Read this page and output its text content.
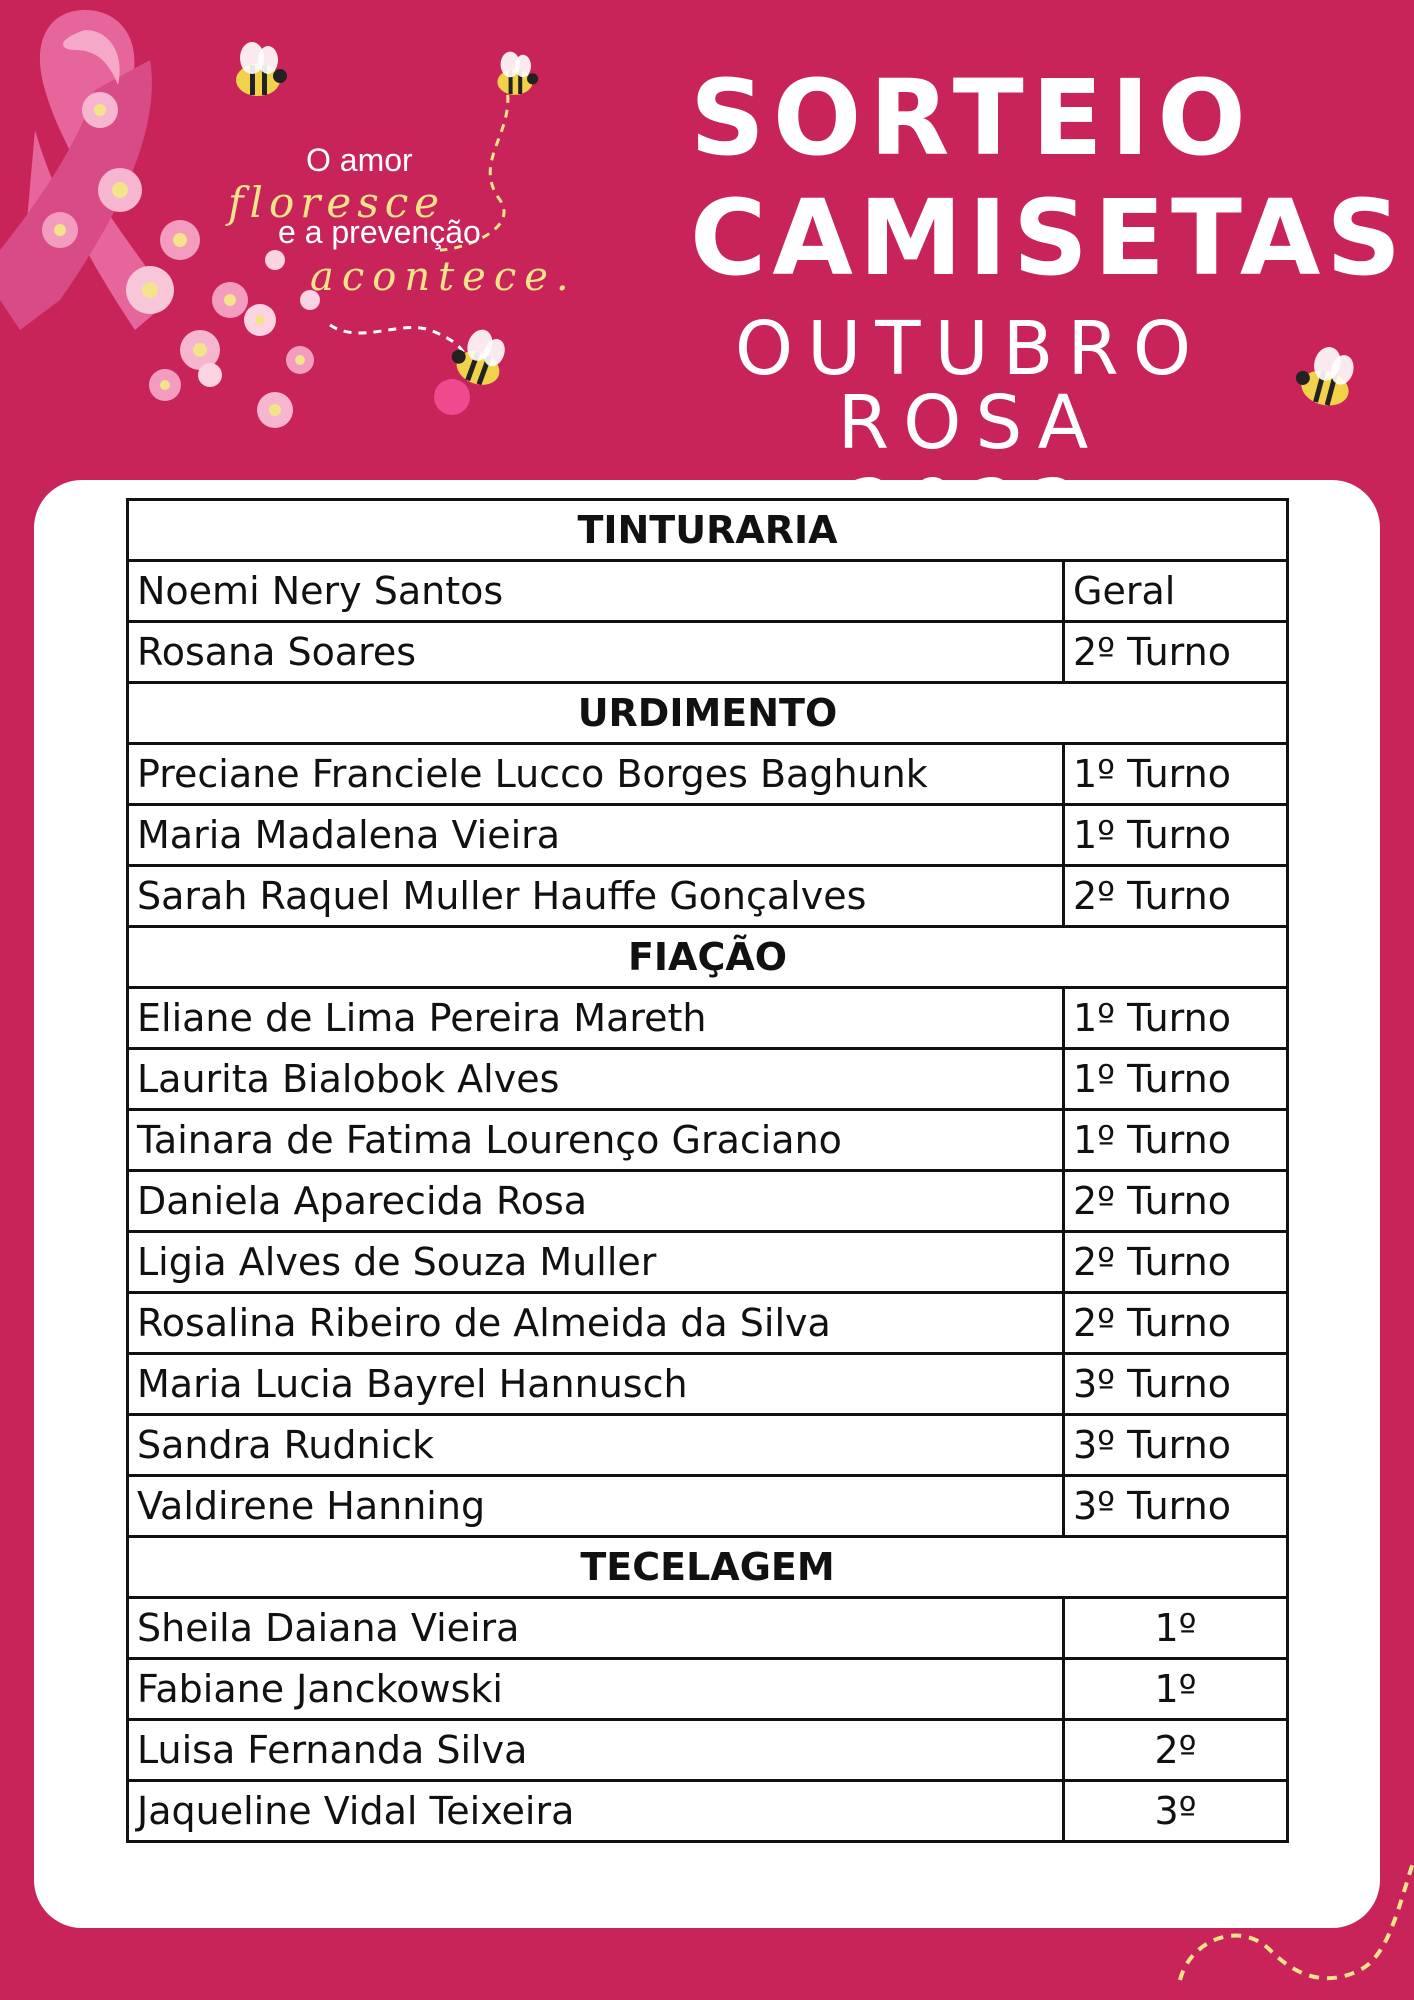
O amor
floresce
e a prevenção
acontece.
SORTEIO
CAMISETAS
OUTUBRO ROSA
TINTURARIA	
Noemi Nery Santos	Geral
Rosana Soares	2º Turno
URDIMENTO	
Preciane Franciele Lucco Borges Baghunk	1º Turno
Maria Madalena Vieira	1º Turno
Sarah Raquel Muller Hauffe Gonçalves	2º Turno
FIAÇÃO	
Eliane de Lima Pereira Mareth	1º Turno
Laurita Bialobok Alves	1º Turno
Tainara de Fatima Lourenço Graciano	1º Turno
Daniela Aparecida Rosa	2º Turno
Ligia Alves de Souza Muller	2º Turno
Rosalina Ribeiro de Almeida da Silva	2º Turno
Maria Lucia Bayrel Hannusch	3º Turno
Sandra Rudnick	3º Turno
Valdirene Hanning	3º Turno
TECELAGEM	
Sheila Daiana Vieira	1º
Fabiane Janckowski	1º
Luisa Fernanda Silva	2º
Jaqueline Vidal Teixeira	3º
